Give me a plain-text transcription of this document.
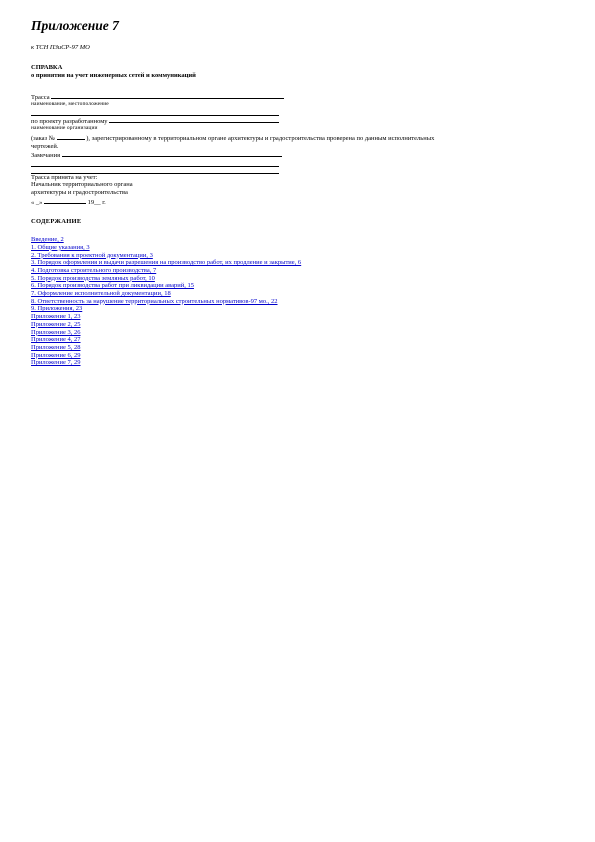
Приложение 7
к ТСН ПЗиСР-97 МО
СПРАВКА
о принятии на учет инженерных сетей и коммуникаций
Трасса
наименование, местоположение
по проекту разработанному
наименование организации
(заказ №	), зарегистрированному в территориальном органе архитектуры и градостроительства проверена по данным исполнительных
чертежей.
Замечания
Трасса принята на учет:
Начальник территориального органа
архитектуры и градостроительства
« _»	19__ г.
СОДЕРЖАНИЕ
Введение, 2
1. Общие указания, 3
2. Требования к проектной документации, 3
3. Порядок оформления и выдачи разрешения на производство работ, их продление и закрытие, 6
4. Подготовка строительного производства, 7
5. Порядок производства земляных работ, 10
6. Порядок производства работ при ликвидации аварий, 15
7. Оформление исполнительной документации, 18
8. Ответственность за нарушение территориальных строительных нормативов-97 мо., 22
9. Приложения, 23
Приложение 1, 23
Приложение 2, 25
Приложение 3, 26
Приложение 4, 27
Приложение 5, 28
Приложение 6, 29
Приложение 7, 29
